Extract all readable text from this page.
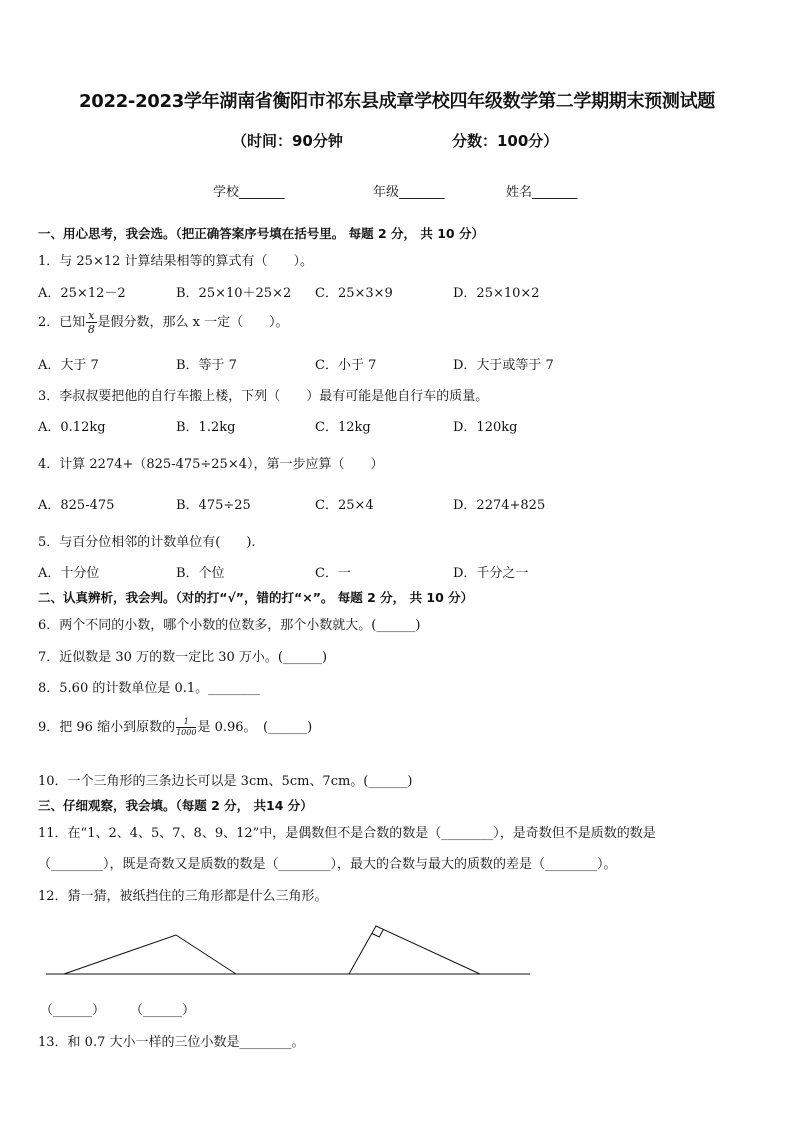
2022-2023学年湖南省衡阳市祁东县成章学校四年级数学第二学期期末预测试题
（时间：90分钟	分数：100分）
学校_______	年级_______	姓名_______
一、用心思考，我会选。（把正确答案序号填在括号里。 每题 2 分， 共 10 分）
1．与 25×12 计算结果相等的算式有（　　）。
A．25×12－2	B．25×10＋25×2 C．25×3×9	D．25×10×2
2．已知 $\frac{x}{8}$ 是假分数，那么 x 一定（　　）。
A．大于 7	B．等于 7	C．小于 7	D．大于或等于 7
3．李叔叔要把他的自行车搬上楼，下列（　　）最有可能是他自行车的质量。
A．0.12kg	B．1.2kg	C．12kg	D．120kg
4．计算 2274+（825-475÷25×4），第一步应算（　　）
A．825-475	B．475÷25	C．25×4	D．2274+825
5．与百分位相邻的计数单位有(　　).
A．十分位	B．个位	C．一	D．千分之一
二、认真辨析，我会判。（对的打“√”，错的打“×”。 每题 2 分， 共 10 分）
6．两个不同的小数，哪个小数的位数多，那个小数就大。(______)
7．近似数是 30 万的数一定比 30 万小。(______)
8．5.60 的计数单位是 0.1。________
9．把 96 缩小到原数的 $\frac{1}{1000}$ 是 0.96。　(______)
10．一个三角形的三条边长可以是 3cm、5cm、7cm。(______)
三、仔细观察，我会填。（每题 2 分， 共14 分）
11．在“1、2、4、5、7、8、9、12”中，是偶数但不是合数的数是（________），是奇数但不是质数的数是
（________），既是奇数又是质数的数是（________），最大的合数与最大的质数的差是（________）。
12．猜一猜，被纸挡住的三角形都是什么三角形。
（______） （______）
13．和 0.7 大小一样的三位小数是________。
